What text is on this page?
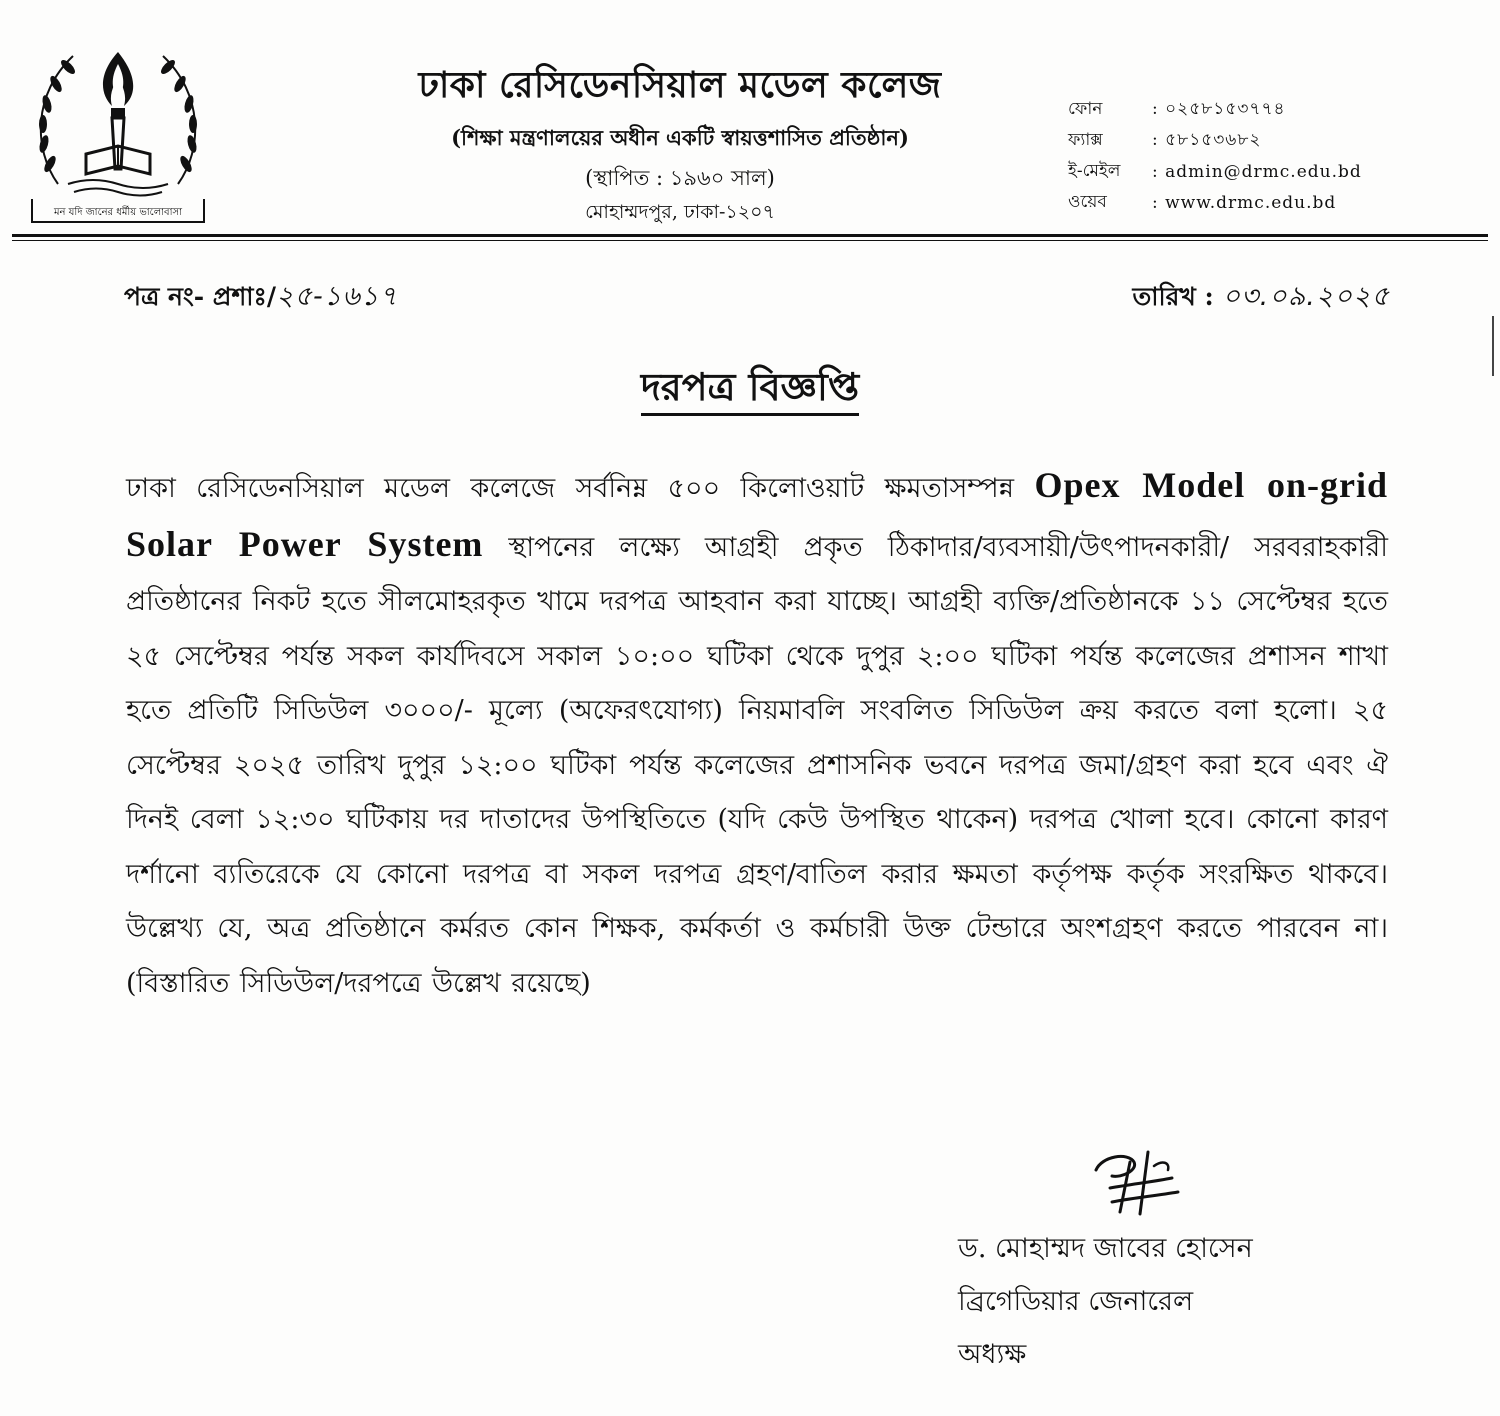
মন যদি জানের ধর্মীয় ভালোবাসা
ঢাকা রেসিডেনসিয়াল মডেল কলেজ
(শিক্ষা মন্ত্রণালয়ের অধীন একটি স্বায়ত্তশাসিত প্রতিষ্ঠান)
(স্থাপিত : ১৯৬০ সাল)
মোহাম্মদপুর, ঢাকা-১২০৭
ফোন	: ০২৫৮১৫৩৭৭৪
ফ্যাক্স	: ৫৮১৫৩৬৮২
ই-মেইল	: admin@drmc.edu.bd
ওয়েব	: www.drmc.edu.bd
পত্র নং- প্রশাঃ/২৫-১৬১৭	তারিখ : ০৩.০৯.২০২৫
দরপত্র বিজ্ঞপ্তি
ঢাকা রেসিডেনসিয়াল মডেল কলেজে সর্বনিম্ন ৫০০ কিলোওয়াট ক্ষমতাসম্পন্ন Opex Model on-grid Solar Power System স্থাপনের লক্ষ্যে আগ্রহী প্রকৃত ঠিকাদার/ব্যবসায়ী/উৎপাদনকারী/ সরবরাহকারী প্রতিষ্ঠানের নিকট হতে সীলমোহরকৃত খামে দরপত্র আহবান করা যাচ্ছে। আগ্রহী ব্যক্তি/প্রতিষ্ঠানকে ১১ সেপ্টেম্বর হতে ২৫ সেপ্টেম্বর পর্যন্ত সকল কার্যদিবসে সকাল ১০:০০ ঘটিকা থেকে দুপুর ২:০০ ঘটিকা পর্যন্ত কলেজের প্রশাসন শাখা হতে প্রতিটি সিডিউল ৩০০০/- মূল্যে (অফেরৎযোগ্য) নিয়মাবলি সংবলিত সিডিউল ক্রয় করতে বলা হলো। ২৫ সেপ্টেম্বর ২০২৫ তারিখ দুপুর ১২:০০ ঘটিকা পর্যন্ত কলেজের প্রশাসনিক ভবনে দরপত্র জমা/গ্রহণ করা হবে এবং ঐ দিনই বেলা ১২:৩০ ঘটিকায় দর দাতাদের উপস্থিতিতে (যদি কেউ উপস্থিত থাকেন) দরপত্র খোলা হবে। কোনো কারণ দর্শানো ব্যতিরেকে যে কোনো দরপত্র বা সকল দরপত্র গ্রহণ/বাতিল করার ক্ষমতা কর্তৃপক্ষ কর্তৃক সংরক্ষিত থাকবে। উল্লেখ্য যে, অত্র প্রতিষ্ঠানে কর্মরত কোন শিক্ষক, কর্মকর্তা ও কর্মচারী উক্ত টেন্ডারে অংশগ্রহণ করতে পারবেন না। (বিস্তারিত সিডিউল/দরপত্রে উল্লেখ রয়েছে)
ড. মোহাম্মদ জাবের হোসেন
ব্রিগেডিয়ার জেনারেল
অধ্যক্ষ
